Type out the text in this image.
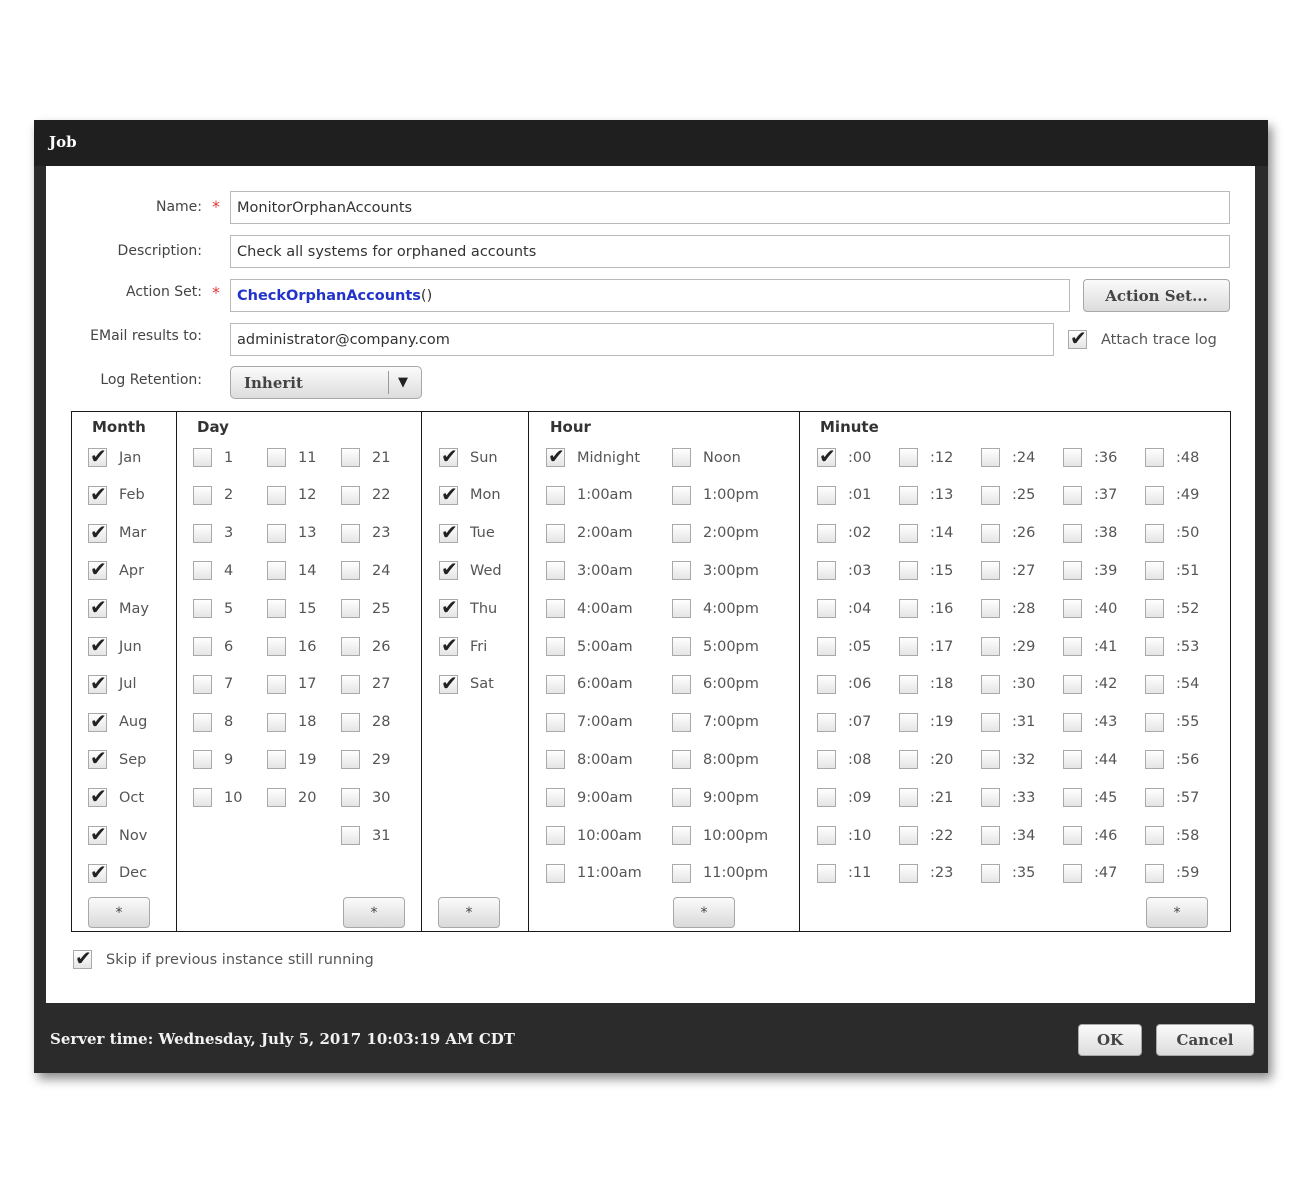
Job
Name: * MonitorOrphanAccounts
Description: Check all systems for orphaned accounts
Action Set: * CheckOrphanAccounts ()	Action Set...
EMail results to: administrator@company.com
✔	Attach trace log
Log Retention:	Inherit	▼
Month
✔
Jan
✔
Feb
✔
Mar
✔
Apr
✔
May
✔
Jun
✔
Jul
✔
Aug
✔
Sep
✔
Oct
✔
Nov
✔
Dec
*
Day
1
2
3
4
5
6
7
8
9
10
11
12
13
14
15
16
17
18
19
20
21
22
23
24
25
26
27
28
29
30
31
*
✔
Sun
✔
Mon
✔
Tue
✔
Wed
✔
Thu
✔
Fri
✔
Sat
*
Hour
✔
Midnight
1:00am
2:00am
3:00am
4:00am
5:00am
6:00am
7:00am
8:00am
9:00am
10:00am
11:00am
Noon
1:00pm
2:00pm
3:00pm
4:00pm
5:00pm
6:00pm
7:00pm
8:00pm
9:00pm
10:00pm
11:00pm
*
Minute
✔
:00
:01
:02
:03
:04
:05
:06
:07
:08
:09
:10
:11
:12
:13
:14
:15
:16
:17
:18
:19
:20
:21
:22
:23
:24
:25
:26
:27
:28
:29
:30
:31
:32
:33
:34
:35
:36
:37
:38
:39
:40
:41
:42
:43
:44
:45
:46
:47
:48
:49
:50
:51
:52
:53
:54
:55
:56
:57
:58
:59
*
✔
Skip if previous instance still running
Server time: Wednesday, July 5, 2017 10:03:19 AM CDT	OK	Cancel
